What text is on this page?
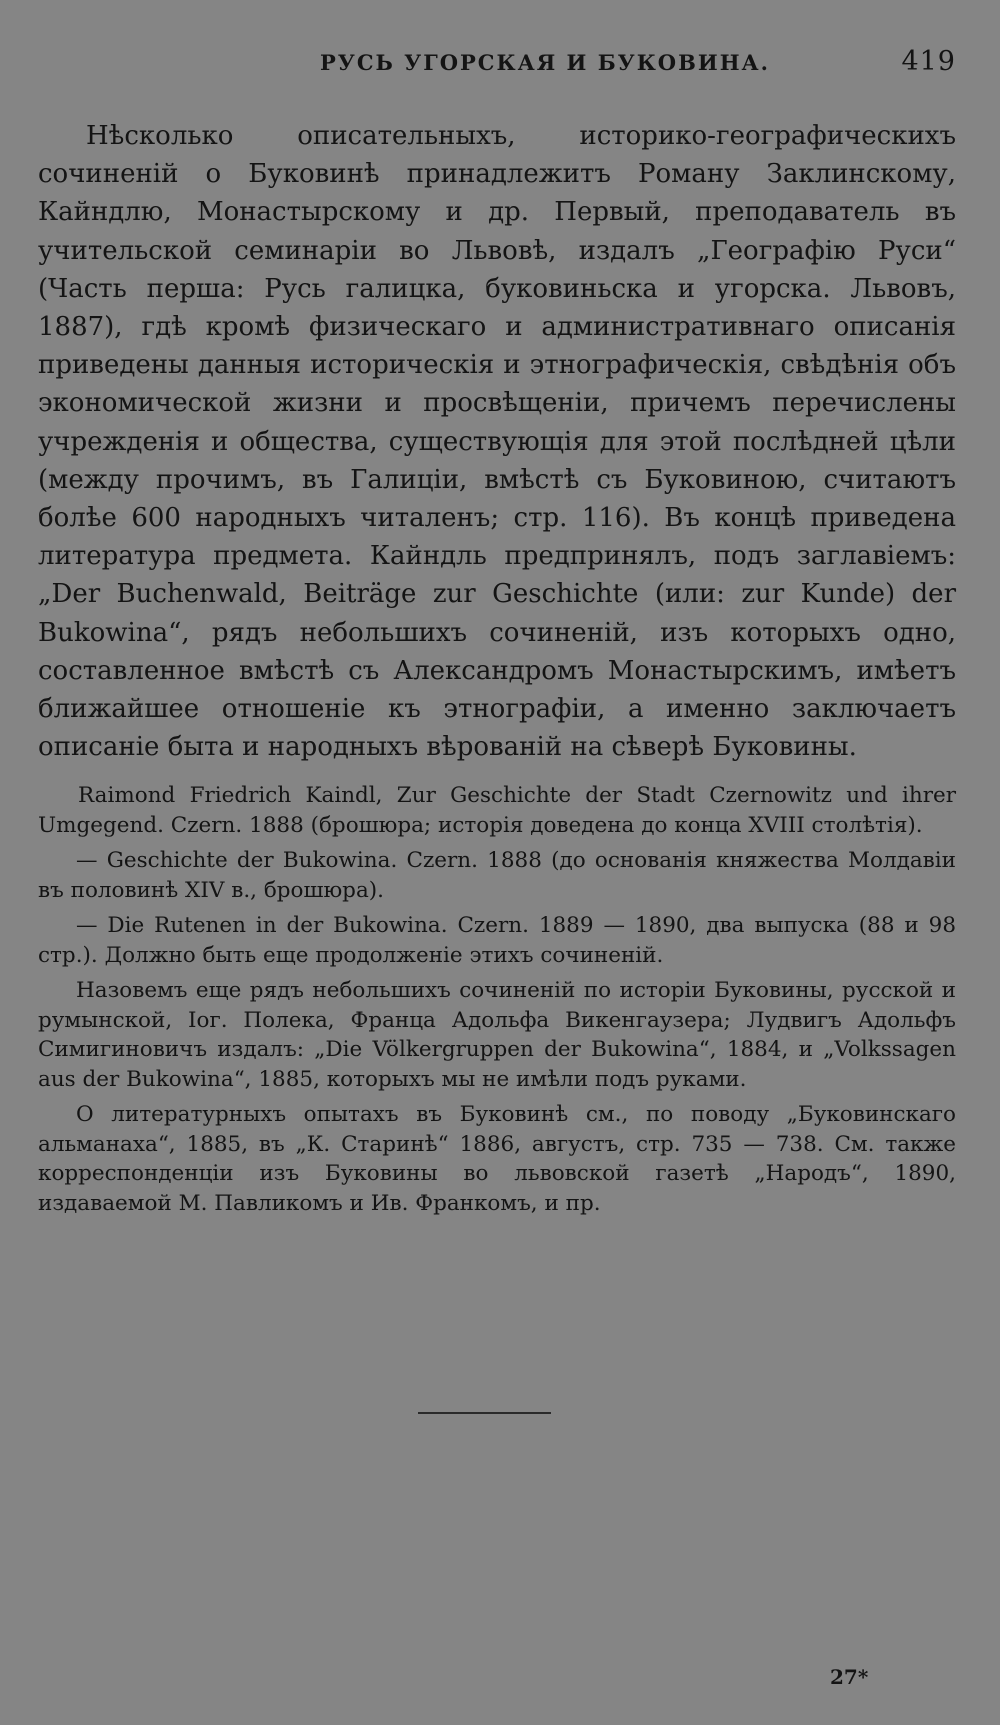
РУСЬ УГОРСКАЯ И БУКОВИНА.	419

Нѣсколько описательныхъ, историко-географическихъ сочиненій о Буковинѣ принадлежитъ Роману Заклинскому, Кайндлю, Монастырскому и др. Первый, преподаватель въ учительской семинаріи во Львовѣ, издалъ „Географію Руси“ (Часть перша: Русь галицка, буковиньска и угорска. Львовъ, 1887), гдѣ кромѣ физическаго и административнаго описанія приведены данныя историческія и этнографическія, свѣдѣнія объ экономической жизни и просвѣщеніи, причемъ перечислены учрежденія и общества, существующія для этой послѣдней цѣли (между прочимъ, въ Галиціи, вмѣстѣ съ Буковиною, считаютъ болѣе 600 народныхъ читаленъ; стр. 116). Въ концѣ приведена литература предмета. Кайндль предпринялъ, подъ заглавіемъ: „Der Buchenwald, Beiträge zur Geschichte (или: zur Kunde) der Bukowina“, рядъ небольшихъ сочиненій, изъ которыхъ одно, составленное вмѣстѣ съ Александромъ Монастырскимъ, имѣетъ ближайшее отношеніе къ этнографіи, а именно заключаетъ описаніе быта и народныхъ вѣрованій на сѣверѣ Буковины.

Raimond Friedrich Kaindl, Zur Geschichte der Stadt Czernowitz und ihrer Umgegend. Czern. 1888 (брошюра; исторія доведена до конца XVIII столѣтія).

— Geschichte der Bukowina. Czern. 1888 (до основанія княжества Молдавіи въ половинѣ XIV в., брошюра).

— Die Rutenen in der Bukowina. Czern. 1889 — 1890, два выпуска (88 и 98 стр.). Должно быть еще продолженіе этихъ сочиненій.

Назовемъ еще рядъ небольшихъ сочиненій по исторіи Буковины, русской и румынской, Іог. Полека, Франца Адольфа Викенгаузера; Лудвигъ Адольфъ Симигиновичъ издалъ: „Die Völkergruppen der Bukowina“, 1884, и „Volkssagen aus der Bukowina“, 1885, которыхъ мы не имѣли подъ руками.

О литературныхъ опытахъ въ Буковинѣ см., по поводу „Буковинскаго альманаха“, 1885, въ „К. Старинѣ“ 1886, августъ, стр. 735 — 738. См. также корреспонденціи изъ Буковины во львовской газетѣ „Народъ“, 1890, издаваемой М. Павликомъ и Ив. Франкомъ, и пр.

27*
